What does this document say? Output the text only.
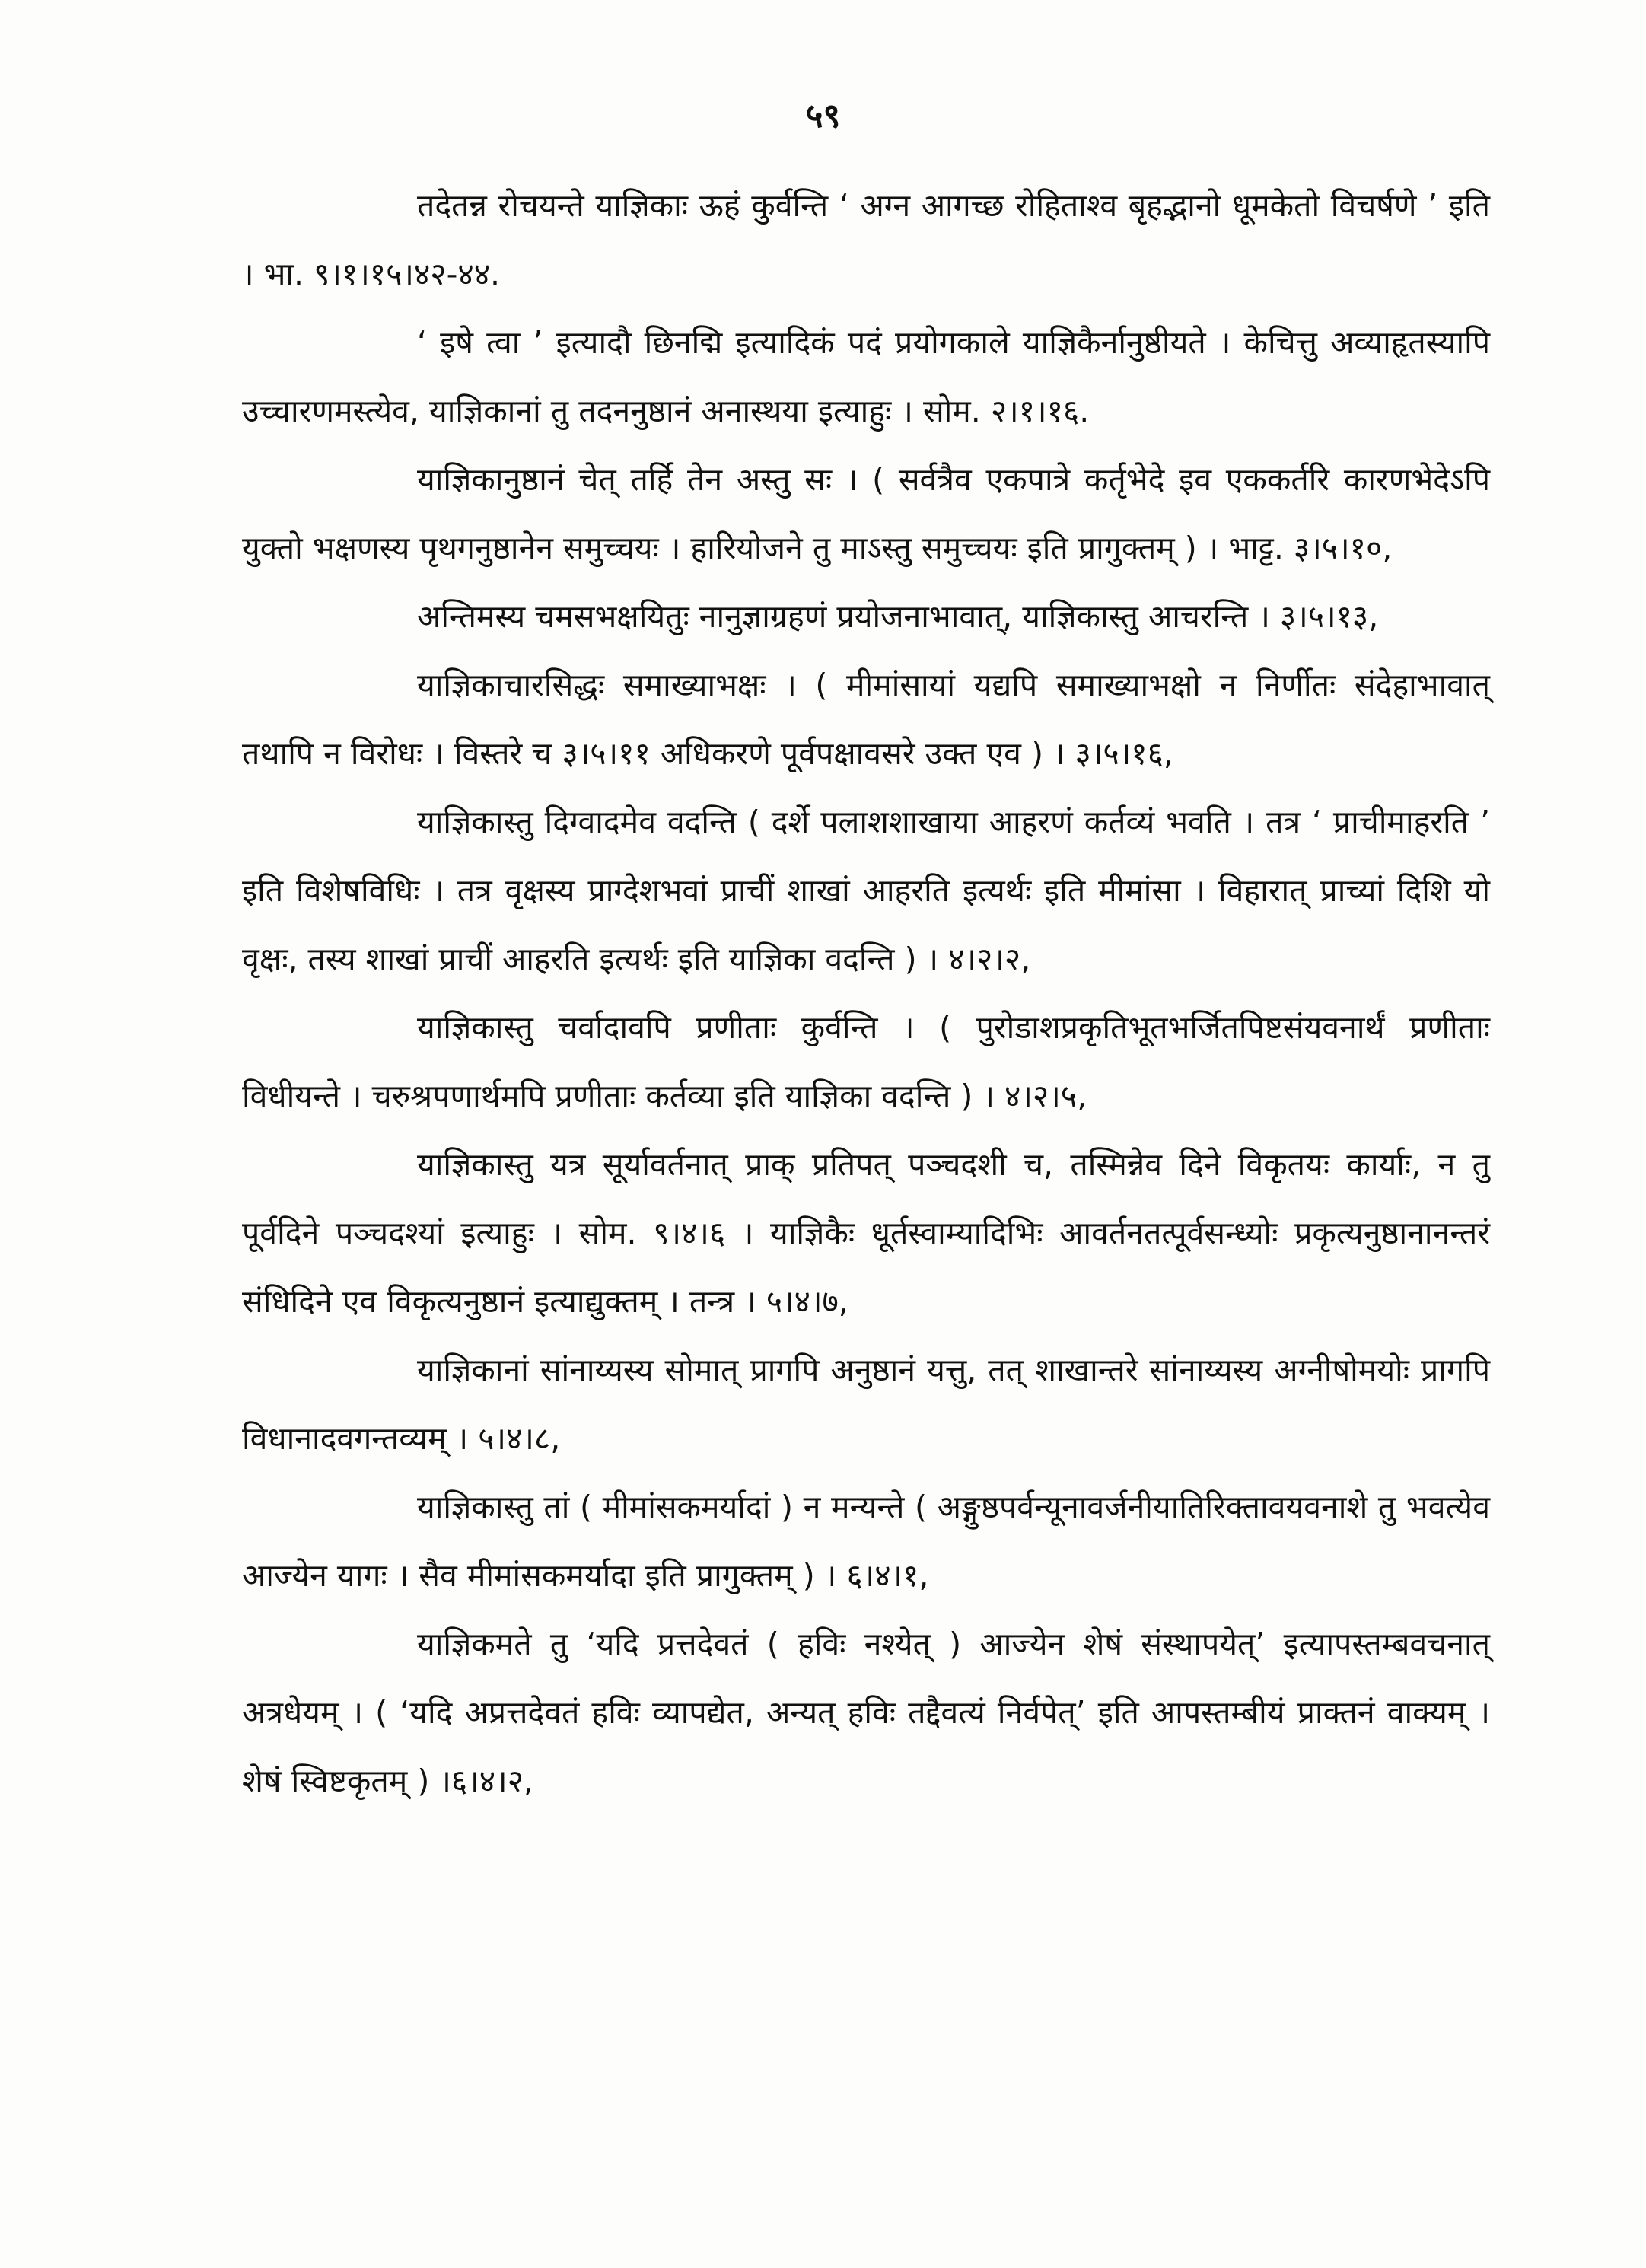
५९

तदेतन्न रोचयन्ते याज्ञिकाः ऊहं कुर्वन्ति ‘ अग्न आगच्छ रोहिताश्व बृहद्भानो धूमकेतो विचर्षणे ’ इति । भा. ९।१।१५।४२-४४.

‘ इषे त्वा ’ इत्यादौ छिनद्मि इत्यादिकं पदं प्रयोगकाले याज्ञिकैर्नानुष्ठीयते । केचित्तु अव्याहृतस्यापि उच्चारणमस्त्येव, याज्ञिकानां तु तदननुष्ठानं अनास्थया इत्याहुः । सोम. २।१।१६.

याज्ञिकानुष्ठानं चेत् तर्हि तेन अस्तु सः । ( सर्वत्रैव एकपात्रे कर्तृभेदे इव एककर्तरि कारणभेदेऽपि युक्तो भक्षणस्य पृथगनुष्ठानेन समुच्चयः । हारियोजने तु माऽस्तु समुच्चयः इति प्रागुक्तम् ) । भाट्ट. ३।५।१०,

अन्तिमस्य चमसभक्षयितुः नानुज्ञाग्रहणं प्रयोजनाभावात्, याज्ञिकास्तु आचरन्ति । ३।५।१३,

याज्ञिकाचारसिद्धः समाख्याभक्षः । ( मीमांसायां यद्यपि समाख्याभक्षो न निर्णीतः संदेहाभावात् तथापि न विरोधः । विस्तरे च ३।५।११ अधिकरणे पूर्वपक्षावसरे उक्त एव ) । ३।५।१६,

याज्ञिकास्तु दिग्वादमेव वदन्ति ( दर्शे पलाशशाखाया आहरणं कर्तव्यं भवति । तत्र ‘ प्राचीमाहरति ’ इति विशेषविधिः । तत्र वृक्षस्य प्राग्देशभवां प्राचीं शाखां आहरति इत्यर्थः इति मीमांसा । विहारात् प्राच्यां दिशि यो वृक्षः, तस्य शाखां प्राचीं आहरति इत्यर्थः इति याज्ञिका वदन्ति ) । ४।२।२,

याज्ञिकास्तु चर्वादावपि प्रणीताः कुर्वन्ति । ( पुरोडाशप्रकृतिभूतभर्जितपिष्टसंयवनार्थं प्रणीताः विधीयन्ते । चरुश्रपणार्थमपि प्रणीताः कर्तव्या इति याज्ञिका वदन्ति ) । ४।२।५,

याज्ञिकास्तु यत्र सूर्यावर्तनात् प्राक् प्रतिपत् पञ्चदशी च, तस्मिन्नेव दिने विकृतयः कार्याः, न तु पूर्वदिने पञ्चदश्यां इत्याहुः । सोम. ९।४।६ । याज्ञिकैः धूर्तस्वाम्यादिभिः आवर्तनतत्पूर्वसन्ध्योः प्रकृत्यनुष्ठानानन्तरं संधिदिने एव विकृत्यनुष्ठानं इत्याद्युक्तम् । तन्त्र । ५।४।७,

याज्ञिकानां सांनाय्यस्य सोमात् प्रागपि अनुष्ठानं यत्तु, तत् शाखान्तरे सांनाय्यस्य अग्नीषोमयोः प्रागपि विधानादवगन्तव्यम् । ५।४।८,

याज्ञिकास्तु तां ( मीमांसकमर्यादां ) न मन्यन्ते ( अङ्गुष्ठपर्वन्यूनावर्जनीयातिरिक्तावयवनाशे तु भवत्येव आज्येन यागः । सैव मीमांसकमर्यादा इति प्रागुक्तम् ) । ६।४।१,

याज्ञिकमते तु ‘यदि प्रत्तदेवतं ( हविः नश्येत् ) आज्येन शेषं संस्थापयेत्’ इत्यापस्तम्बवचनात् अत्रधेयम् । ( ‘यदि अप्रत्तदेवतं हविः व्यापद्येत, अन्यत् हविः तद्दैवत्यं निर्वपेत्’ इति आपस्तम्बीयं प्राक्तनं वाक्यम् । शेषं स्विष्टकृतम् ) ।६।४।२,
